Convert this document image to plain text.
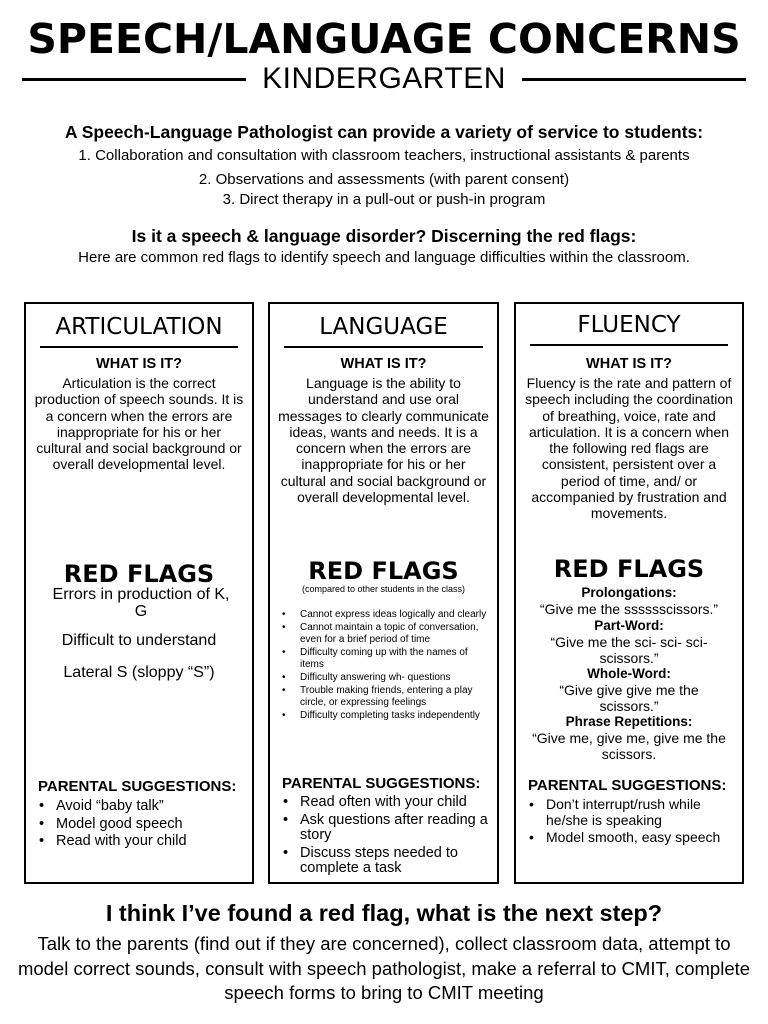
SPEECH/LANGUAGE CONCERNS
KINDERGARTEN
A Speech-Language Pathologist can provide a variety of service to students:
1. Collaboration and consultation with classroom teachers, instructional assistants & parents
2. Observations and assessments (with parent consent)
3. Direct therapy in a pull-out or push-in program
Is it a speech & language disorder? Discerning the red flags:
Here are common red flags to identify speech and language difficulties within the classroom.
ARTICULATION
WHAT IS IT?
Articulation is the correct production of speech sounds. It is a concern when the errors are inappropriate for his or her cultural and social background or overall developmental level.
RED FLAGS
Errors in production of K, G
Difficult to understand
Lateral S (sloppy “S”)
PARENTAL SUGGESTIONS:
• Avoid “baby talk”
• Model good speech
• Read with your child
LANGUAGE
WHAT IS IT?
Language is the ability to understand and use oral messages to clearly communicate ideas, wants and needs. It is a concern when the errors are inappropriate for his or her cultural and social background or overall developmental level.
RED FLAGS
(compared to other students in the class)
• Cannot express ideas logically and clearly
• Cannot maintain a topic of conversation, even for a brief period of time
• Difficulty coming up with the names of items
• Difficulty answering wh- questions
• Trouble making friends, entering a play circle, or expressing feelings
• Difficulty completing tasks independently
PARENTAL SUGGESTIONS:
• Read often with your child
• Ask questions after reading a story
• Discuss steps needed to complete a task
FLUENCY
WHAT IS IT?
Fluency is the rate and pattern of speech including the coordination of breathing, voice, rate and articulation. It is a concern when the following red flags are consistent, persistent over a period of time, and/ or accompanied by frustration and movements.
RED FLAGS
Prolongations:
“Give me the sssssscissors.”
Part-Word:
“Give me the sci- sci- sci- scissors.”
Whole-Word:
“Give give give me the scissors.”
Phrase Repetitions:
“Give me, give me, give me the scissors.
PARENTAL SUGGESTIONS:
• Don’t interrupt/rush while he/she is speaking
• Model smooth, easy speech
I think I’ve found a red flag, what is the next step?
Talk to the parents (find out if they are concerned), collect classroom data, attempt to model correct sounds, consult with speech pathologist, make a referral to CMIT, complete speech forms to bring to CMIT meeting
